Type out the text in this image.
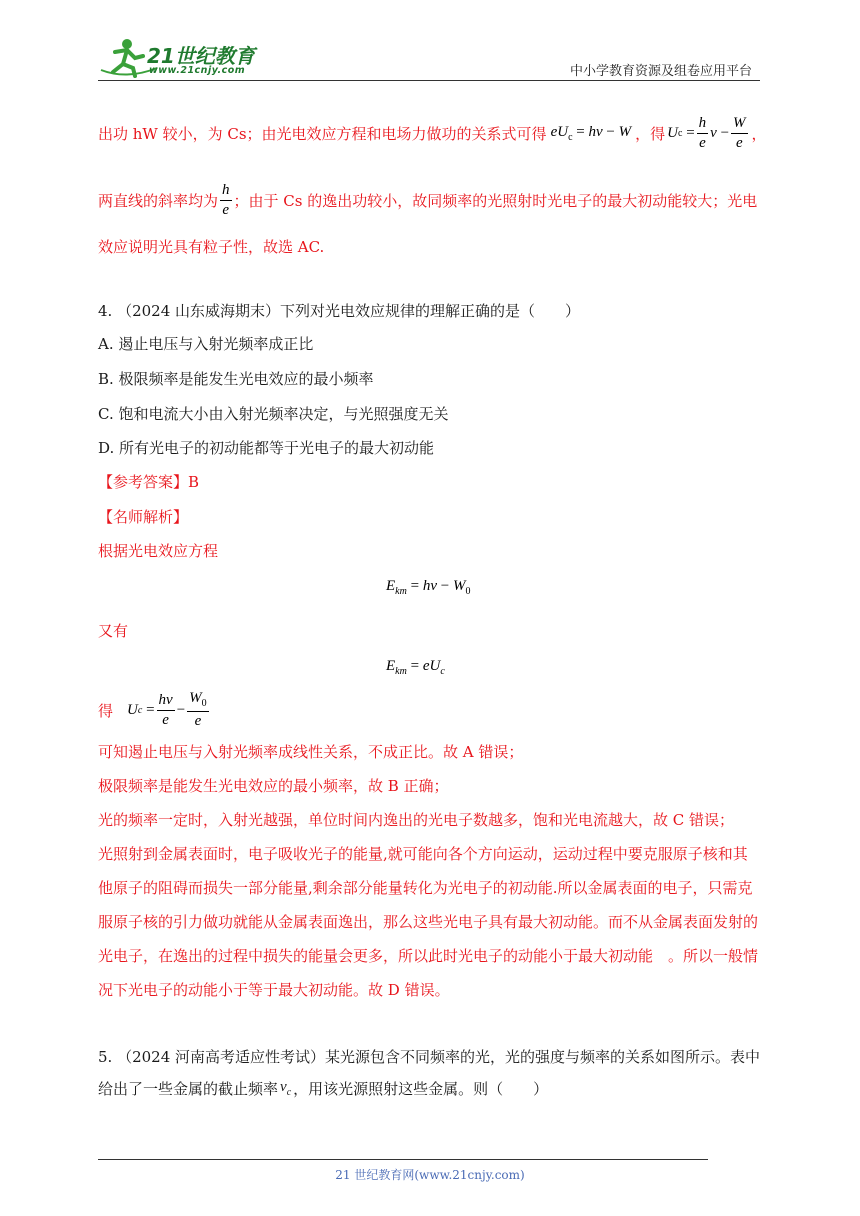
21世纪教育
www.21cnjy.com	中小学教育资源及组卷应用平台
出功 hW 较小，为 Cs；由光电效应方程和电场力做功的关系式可得 $eU_c = h\nu - W$ ，得 U c
= $\frac{h}{e}$ $\nu - \frac{W}{e}$ ，
两直线的斜率均为 $\frac{h}{e}$ ；由于 Cs 的逸出功较小，故同频率的光照射时光电子的最大初动能较大；光电
效应说明光具有粒子性，故选 AC.
4. （2024 山东威海期末）下列对光电效应规律的理解正确的是（　　）
A. 遏止电压与入射光频率成正比
B. 极限频率是能发生光电效应的最小频率
C. 饱和电流大小由入射光频率决定，与光照强度无关
D. 所有光电子的初动能都等于光电子的最大初动能
【参考答案】B
【名师解析】
根据光电效应方程
$E_{km} = h\nu - W_0$
又有
$E_{km} = eU_c$
得 U c
= $\frac{h\nu}{e} - \frac{W_0}{e}$
可知遏止电压与入射光频率成线性关系，不成正比。故 A 错误；
极限频率是能发生光电效应的最小频率，故 B 正确；
光的频率一定时，入射光越强，单位时间内逸出的光电子数越多，饱和光电流越大，故 C 错误；
光照射到金属表面时，电子吸收光子的能量,就可能向各个方向运动，运动过程中要克服原子核和其
他原子的阻碍而损失一部分能量,剩余部分能量转化为光电子的初动能.所以金属表面的电子，只需克
服原子核的引力做功就能从金属表面逸出，那么这些光电子具有最大初动能。而不从金属表面发射的
光电子，在逸出的过程中损失的能量会更多，所以此时光电子的动能小于最大初动能　。所以一般情
况下光电子的动能小于等于最大初动能。故 D 错误。
5. （2024 河南高考适应性考试）某光源包含不同频率的光，光的强度与频率的关系如图所示。表中
给出了一些金属的截止频率 $\nu_c$ ，用该光源照射这些金属。则（　　）
21 世纪教育网(www.21cnjy.com)
